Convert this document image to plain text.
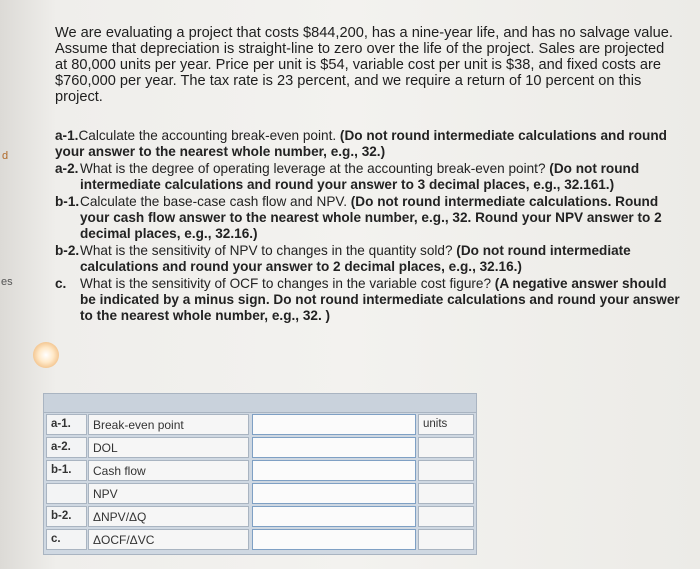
d
es

We are evaluating a project that costs $844,200, has a nine-year life, and has no salvage value. Assume that depreciation is straight-line to zero over the life of the project. Sales are projected at 80,000 units per year. Price per unit is $54, variable cost per unit is $38, and fixed costs are $760,000 per year. The tax rate is 23 percent, and we require a return of 10 percent on this project.

a-1.Calculate the accounting break-even point. (Do not round intermediate calculations and round your answer to the nearest whole number, e.g., 32.)
a-2. What is the degree of operating leverage at the accounting break-even point? (Do not round intermediate calculations and round your answer to 3 decimal places, e.g., 32.161.)
b-1. Calculate the base-case cash flow and NPV. (Do not round intermediate calculations. Round your cash flow answer to the nearest whole number, e.g., 32. Round your NPV answer to 2 decimal places, e.g., 32.16.)
b-2. What is the sensitivity of NPV to changes in the quantity sold? (Do not round intermediate calculations and round your answer to 2 decimal places, e.g., 32.16.)
c. What is the sensitivity of OCF to changes in the variable cost figure? (A negative answer should be indicated by a minus sign. Do not round intermediate calculations and round your answer to the nearest whole number, e.g., 32. )
a-1.	Break-even point	units
a-2.	DOL
b-1.	Cash flow
NPV
b-2.	ΔNPV/ΔQ
c.	ΔOCF/ΔVC
